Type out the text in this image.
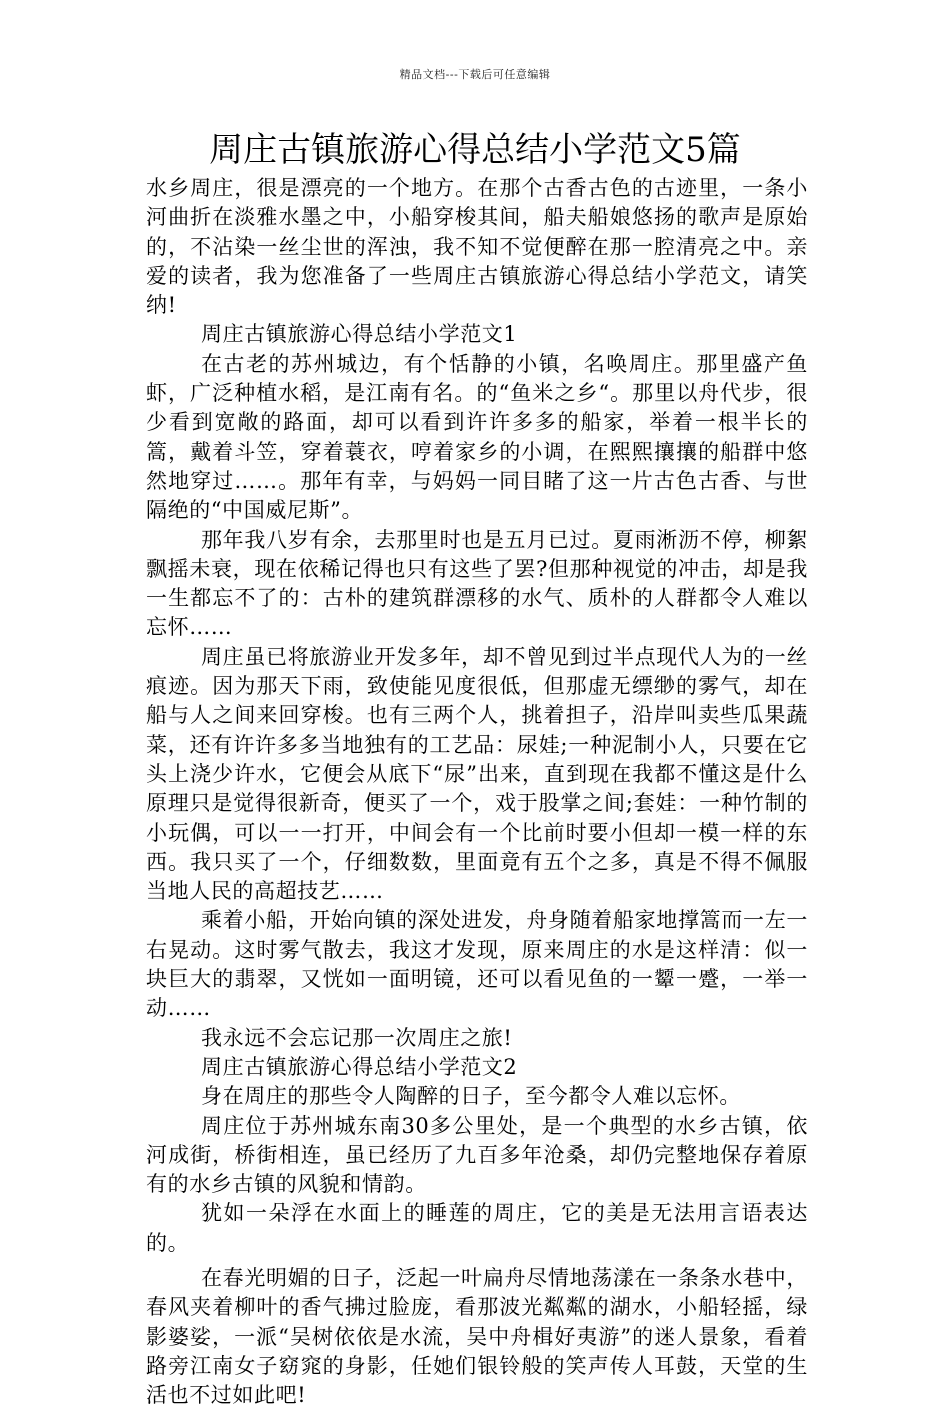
精品文档---下载后可任意编辑
周庄古镇旅游心得总结小学范文5篇

水乡周庄，很是漂亮的一个地方。在那个古香古色的古迹里，一条小河曲折在淡雅水墨之中，小船穿梭其间，船夫船娘悠扬的歌声是原始的，不沾染一丝尘世的浑浊，我不知不觉便醉在那一腔清亮之中。亲爱的读者，我为您准备了一些周庄古镇旅游心得总结小学范文，请笑纳!

周庄古镇旅游心得总结小学范文1

在古老的苏州城边，有个恬静的小镇，名唤周庄。那里盛产鱼虾，广泛种植水稻，是江南有名。的“鱼米之乡“。那里以舟代步，很少看到宽敞的路面，却可以看到许许多多的船家，举着一根半长的篙，戴着斗笠，穿着蓑衣，哼着家乡的小调，在熙熙攘攘的船群中悠然地穿过……。那年有幸，与妈妈一同目睹了这一片古色古香、与世隔绝的“中国威尼斯”。

那年我八岁有余，去那里时也是五月已过。夏雨淅沥不停，柳絮飘摇未衰，现在依稀记得也只有这些了罢?但那种视觉的冲击，却是我一生都忘不了的：古朴的建筑群漂移的水气、质朴的人群都令人难以忘怀……

周庄虽已将旅游业开发多年，却不曾见到过半点现代人为的一丝痕迹。因为那天下雨，致使能见度很低，但那虚无缥缈的雾气，却在船与人之间来回穿梭。也有三两个人，挑着担子，沿岸叫卖些瓜果蔬菜，还有许许多多当地独有的工艺品：尿娃;一种泥制小人，只要在它头上浇少许水，它便会从底下“尿”出来，直到现在我都不懂这是什么原理只是觉得很新奇，便买了一个，戏于股掌之间;套娃：一种竹制的小玩偶，可以一一打开，中间会有一个比前时要小但却一模一样的东西。我只买了一个，仔细数数，里面竟有五个之多，真是不得不佩服当地人民的高超技艺……

乘着小船，开始向镇的深处进发，舟身随着船家地撑篙而一左一右晃动。这时雾气散去，我这才发现，原来周庄的水是这样清：似一块巨大的翡翠，又恍如一面明镜，还可以看见鱼的一颦一蹙，一举一动……

我永远不会忘记那一次周庄之旅!

周庄古镇旅游心得总结小学范文2

身在周庄的那些令人陶醉的日子，至今都令人难以忘怀。

周庄位于苏州城东南30多公里处，是一个典型的水乡古镇，依河成街，桥街相连，虽已经历了九百多年沧桑，却仍完整地保存着原有的水乡古镇的风貌和情韵。

犹如一朵浮在水面上的睡莲的周庄，它的美是无法用言语表达的。

在春光明媚的日子，泛起一叶扁舟尽情地荡漾在一条条水巷中，春风夹着柳叶的香气拂过脸庞，看那波光粼粼的湖水，小船轻摇，绿影婆娑，一派“吴树依依是水流，吴中舟楫好夷游”的迷人景象，看着路旁江南女子窈窕的身影，任她们银铃般的笑声传人耳鼓，天堂的生活也不过如此吧!
